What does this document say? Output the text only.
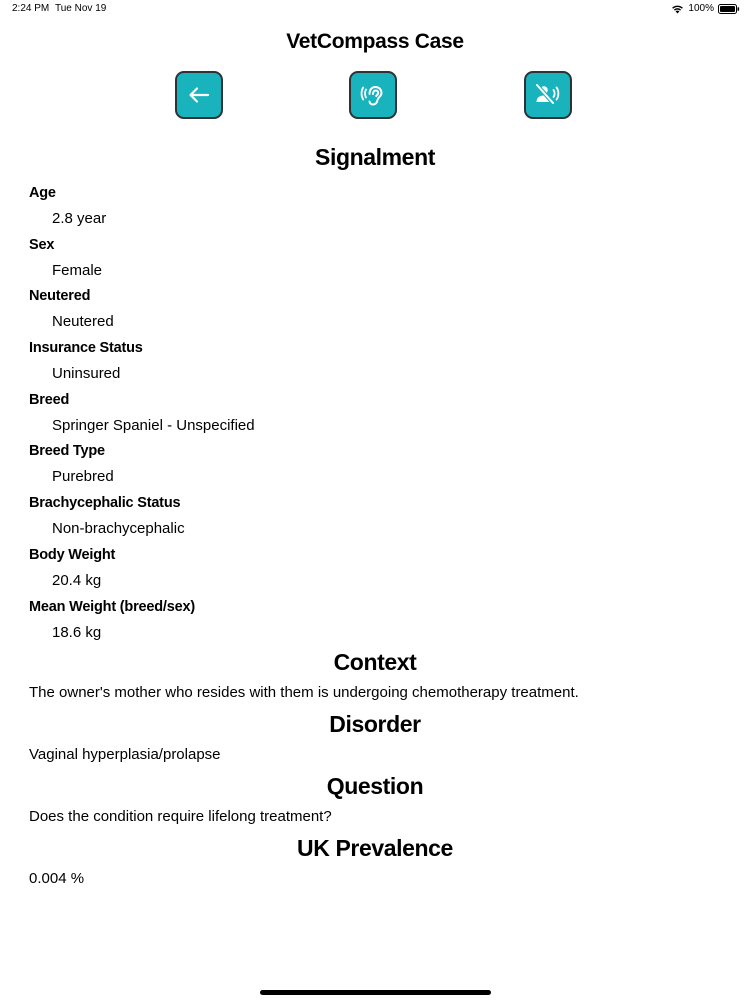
2:24 PM Tue Nov 19	100%
VetCompass Case
Signalment
Age
2.8 year
Sex
Female
Neutered
Neutered
Insurance Status
Uninsured
Breed
Springer Spaniel - Unspecified
Breed Type
Purebred
Brachycephalic Status
Non-brachycephalic
Body Weight
20.4 kg
Mean Weight (breed/sex)
18.6 kg
Context
The owner's mother who resides with them is undergoing chemotherapy treatment.
Disorder
Vaginal hyperplasia/prolapse
Question
Does the condition require lifelong treatment?
UK Prevalence
0.004 %
